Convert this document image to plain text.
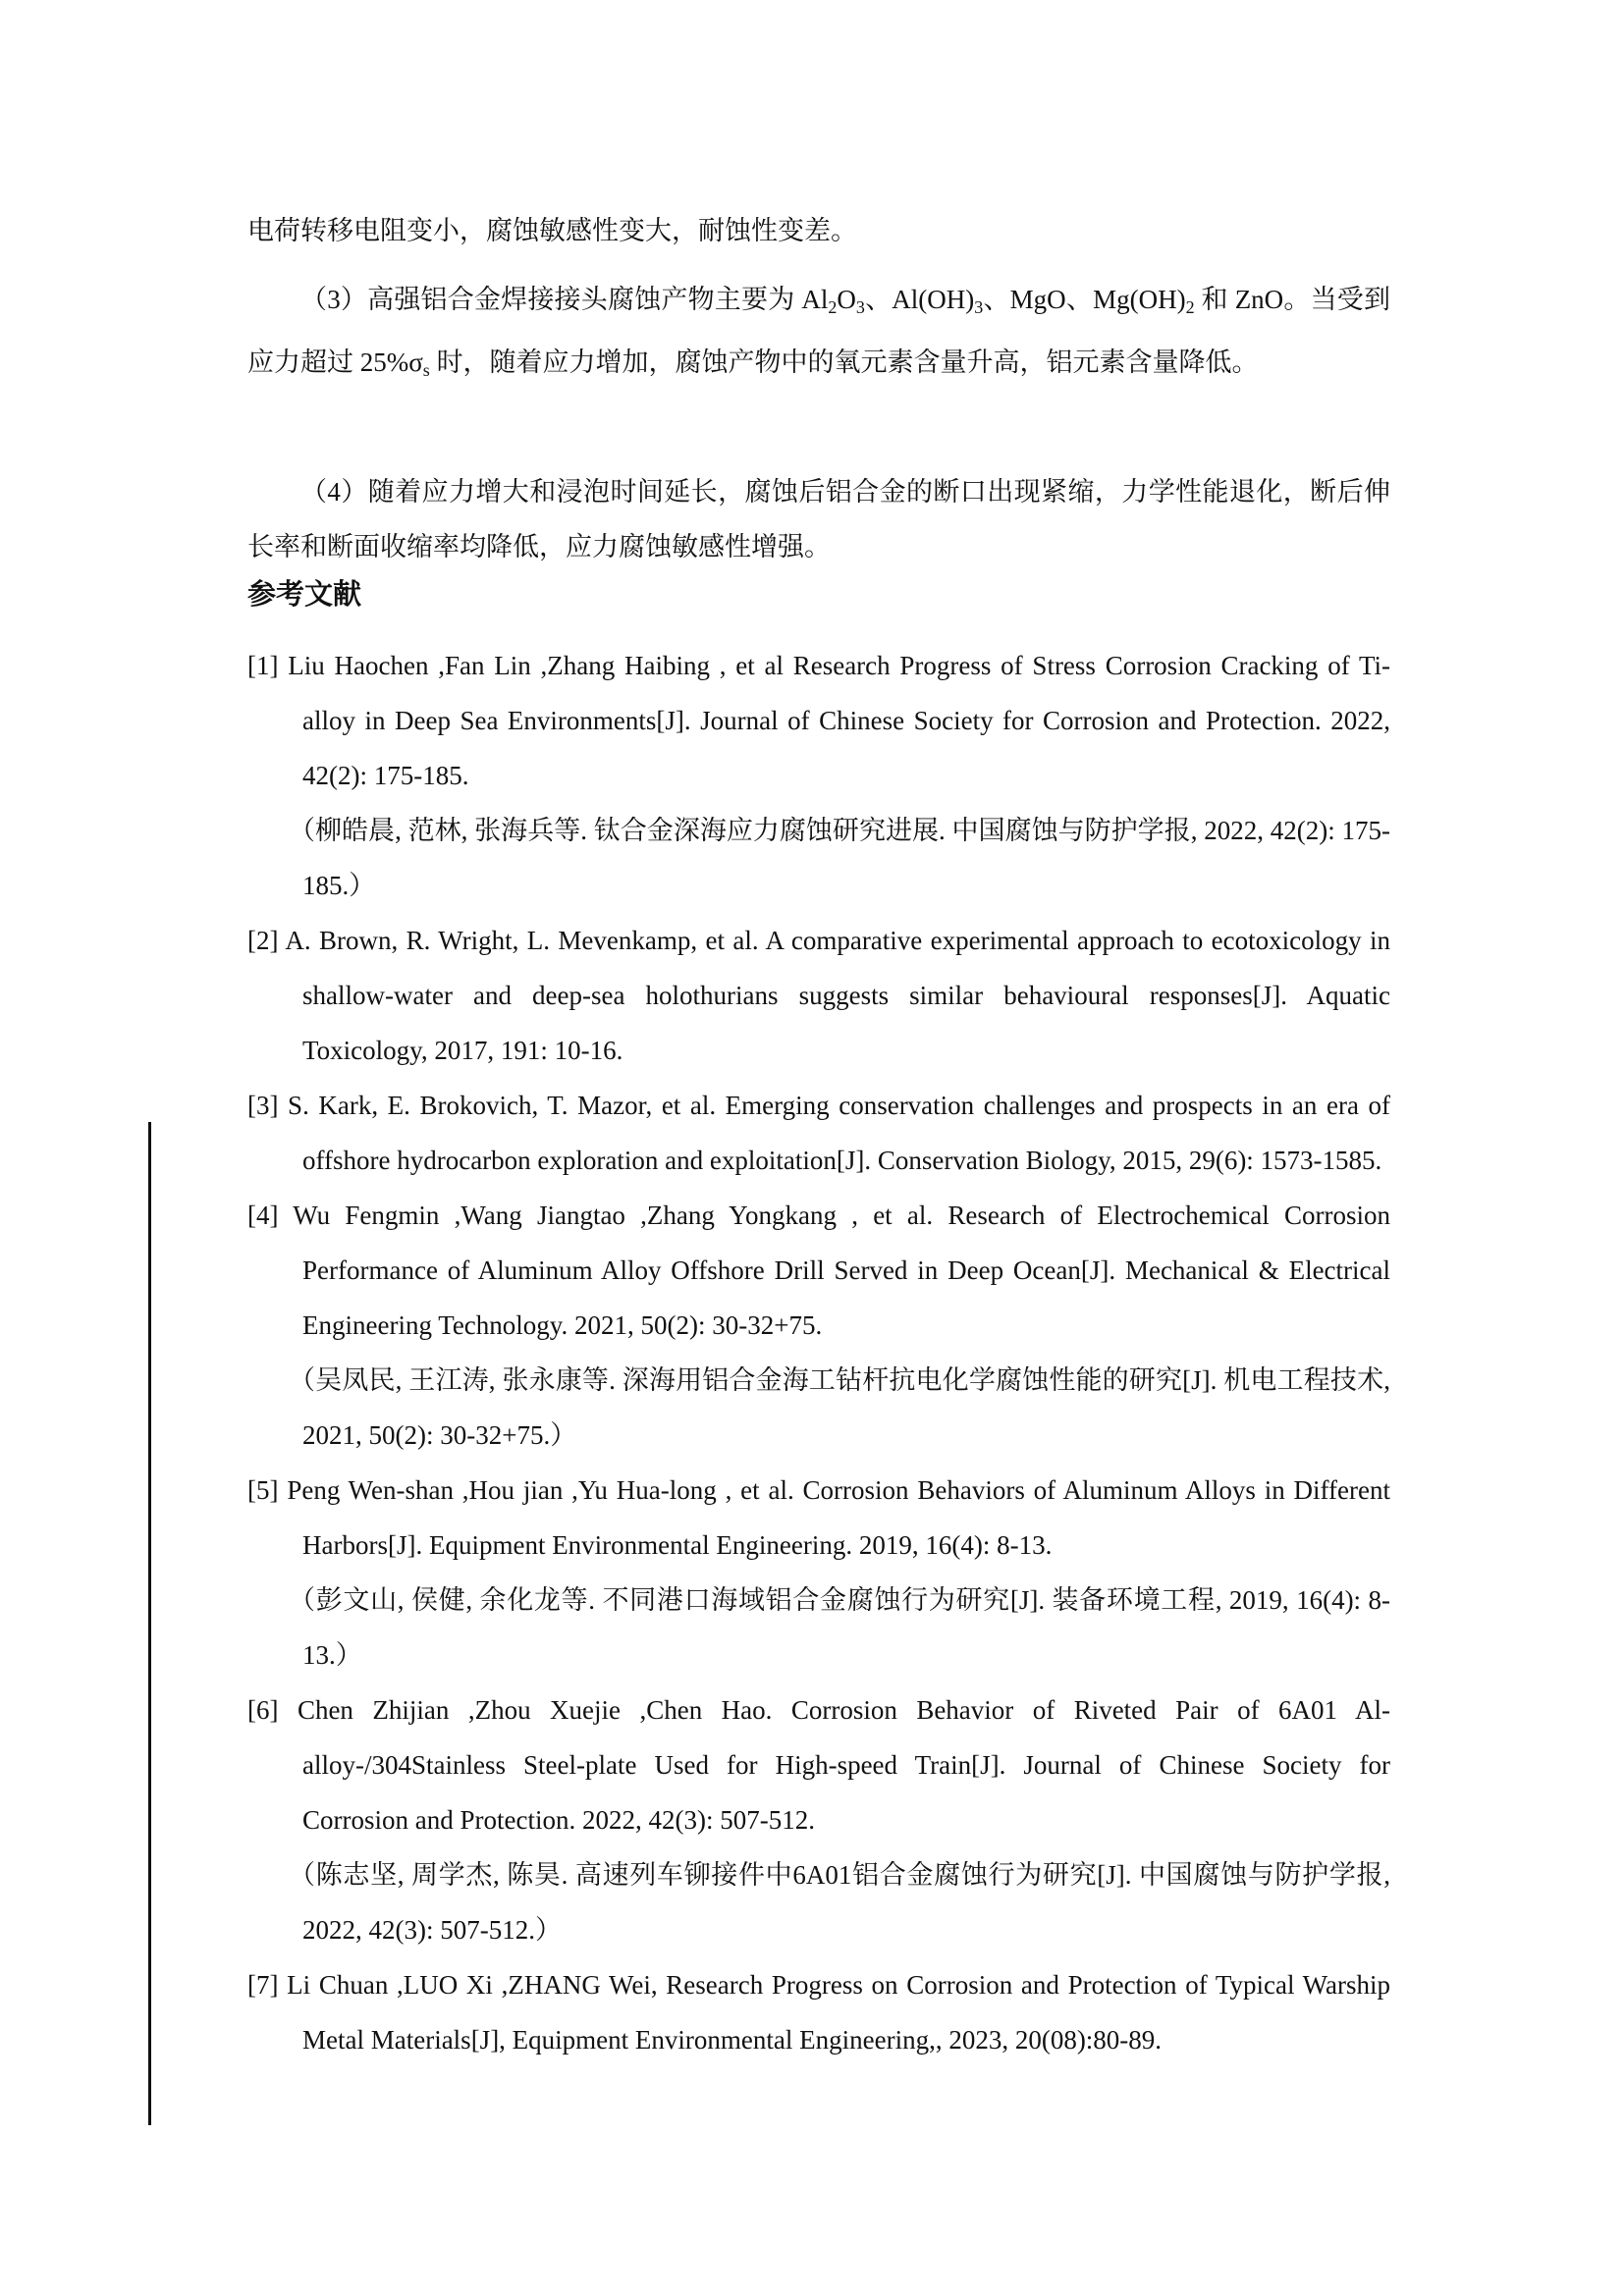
电荷转移电阻变小，腐蚀敏感性变大，耐蚀性变差。

（3）高强铝合金焊接接头腐蚀产物主要为 $Al_2O_3$、$Al(OH)_3$、MgO、$Mg(OH)_2$ 和 ZnO。当受到应力超过 $25\%\sigma_s$ 时，随着应力增加，腐蚀产物中的氧元素含量升高，铝元素含量降低。

（4）随着应力增大和浸泡时间延长，腐蚀后铝合金的断口出现紧缩，力学性能退化，断后伸长率和断面收缩率均降低，应力腐蚀敏感性增强。

参考文献

[1] Liu Haochen ,Fan Lin ,Zhang Haibing , et al Research Progress of Stress Corrosion Cracking of Ti-alloy in Deep Sea Environments[J]. Journal of Chinese Society for Corrosion and Protection. 2022, 42(2): 175-185.

（柳皓晨, 范林, 张海兵等. 钛合金深海应力腐蚀研究进展. 中国腐蚀与防护学报, 2022, 42(2): 175-185.）

[2] A. Brown, R. Wright, L. Mevenkamp, et al. A comparative experimental approach to ecotoxicology in shallow-water and deep-sea holothurians suggests similar behavioural responses[J]. Aquatic Toxicology, 2017, 191: 10-16.

[3] S. Kark, E. Brokovich, T. Mazor, et al. Emerging conservation challenges and prospects in an era of offshore hydrocarbon exploration and exploitation[J]. Conservation Biology, 2015, 29(6): 1573-1585.

[4] Wu Fengmin ,Wang Jiangtao ,Zhang Yongkang , et al. Research of Electrochemical Corrosion Performance of Aluminum Alloy Offshore Drill Served in Deep Ocean[J]. Mechanical & Electrical Engineering Technology. 2021, 50(2): 30-32+75.

（吴凤民, 王江涛, 张永康等. 深海用铝合金海工钻杆抗电化学腐蚀性能的研究[J]. 机电工程技术, 2021, 50(2): 30-32+75.）

[5] Peng Wen-shan ,Hou jian ,Yu Hua-long , et al. Corrosion Behaviors of Aluminum Alloys in Different Harbors[J]. Equipment Environmental Engineering. 2019, 16(4): 8-13.

（彭文山, 侯健, 余化龙等. 不同港口海域铝合金腐蚀行为研究[J]. 装备环境工程, 2019, 16(4): 8-13.）

[6] Chen Zhijian ,Zhou Xuejie ,Chen Hao. Corrosion Behavior of Riveted Pair of 6A01 Al-alloy-/304Stainless Steel-plate Used for High-speed Train[J]. Journal of Chinese Society for Corrosion and Protection. 2022, 42(3): 507-512.

（陈志坚, 周学杰, 陈昊. 高速列车铆接件中6A01铝合金腐蚀行为研究[J]. 中国腐蚀与防护学报, 2022, 42(3): 507-512.）

[7] Li Chuan ,LUO Xi ,ZHANG Wei, Research Progress on Corrosion and Protection of Typical Warship Metal Materials[J], Equipment Environmental Engineering,, 2023, 20(08):80-89.
